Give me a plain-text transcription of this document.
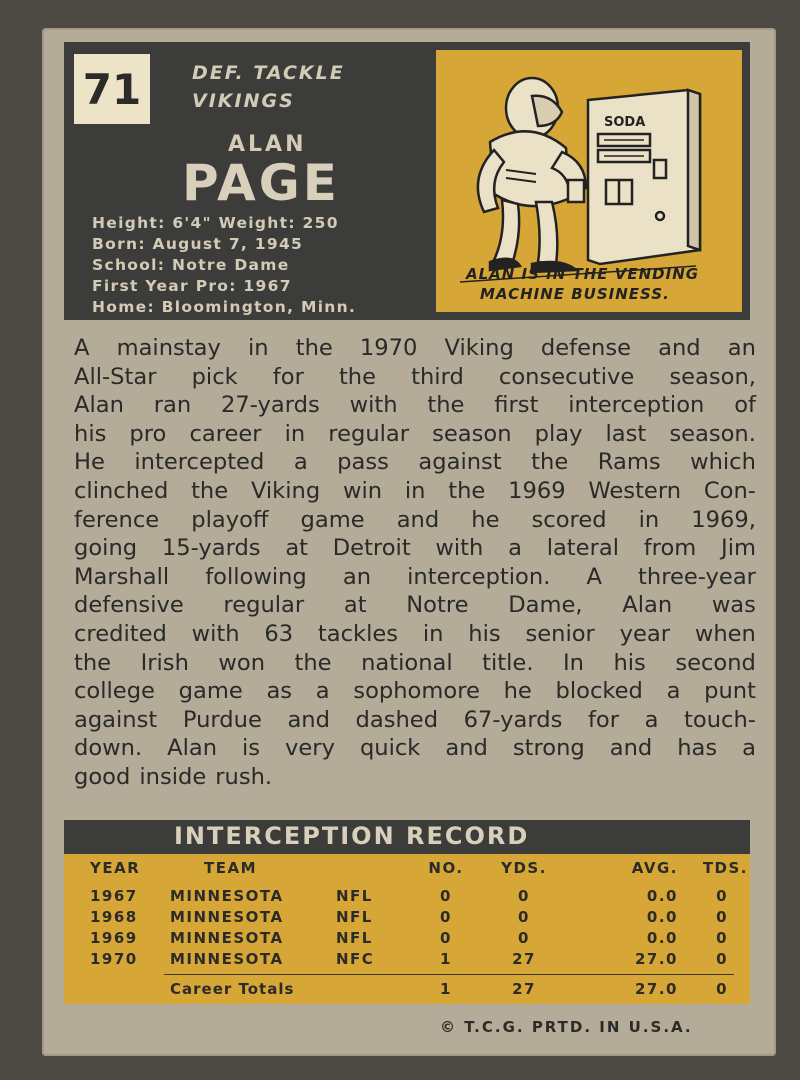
71	DEF. TACKLE
VIKINGS
ALAN
PAGE
Height: 6'4" Weight: 250
Born: August 7, 1945
School: Notre Dame
First Year Pro: 1967
Home: Bloomington, Minn.
SODA
ALAN IS IN THE VENDING
MACHINE BUSINESS.
A mainstay in the 1970 Viking defense and an
All-Star pick for the third consecutive season,
Alan ran 27-yards with the first interception of
his pro career in regular season play last season.
He intercepted a pass against the Rams which
clinched the Viking win in the 1969 Western Con-
ference playoff game and he scored in 1969,
going 15-yards at Detroit with a lateral from Jim
Marshall following an interception. A three-year
defensive regular at Notre Dame, Alan was
credited with 63 tackles in his senior year when
the Irish won the national title. In his second
college game as a sophomore he blocked a punt
against Purdue and dashed 67-yards for a touch-
down. Alan is very quick and strong and has a
good inside rush.
INTERCEPTION RECORD
YEAR	TEAM	NO.	YDS.	AVG.	TDS.
1967 MINNESOTA	NFL	0	0	0.0	0
1968 MINNESOTA	NFL	0	0	0.0	0
1969 MINNESOTA	NFL	0	0	0.0	0
1970 MINNESOTA	NFC	1	27	27.0	0
Career Totals	1	27	27.0	0
© T.C.G. PRTD. IN U.S.A.
